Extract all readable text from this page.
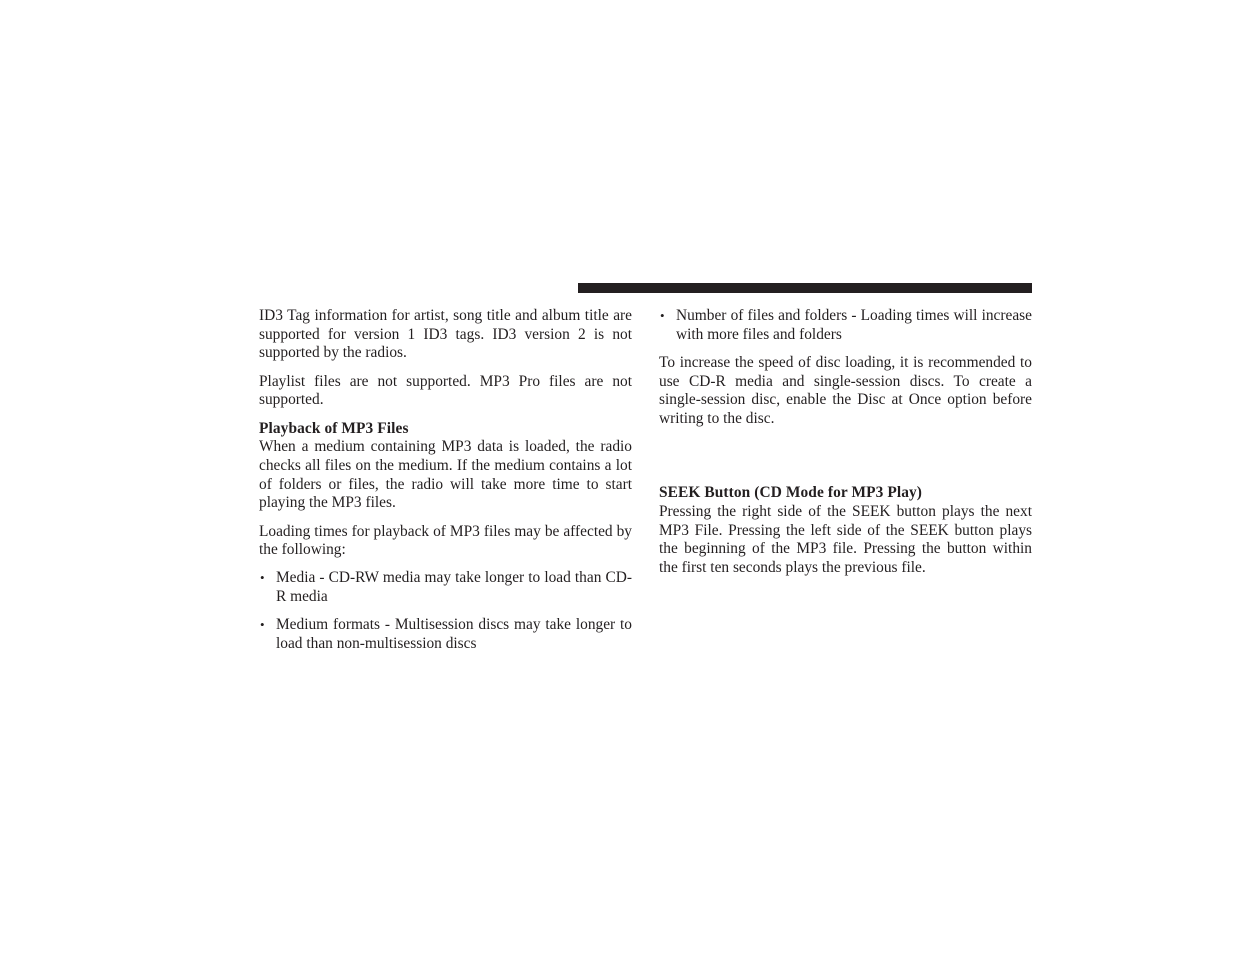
ID3 Tag information for artist, song title and album title are supported for version 1 ID3 tags. ID3 version 2 is not supported by the radios.

Playlist files are not supported. MP3 Pro files are not supported.

Playback of MP3 Files

When a medium containing MP3 data is loaded, the radio checks all files on the medium. If the medium contains a lot of folders or files, the radio will take more time to start playing the MP3 files.

Loading times for playback of MP3 files may be affected by the following:

• Media - CD-RW media may take longer to load than CD-R media
• Medium formats - Multisession discs may take longer to load than non-multisession discs
• Number of files and folders - Loading times will increase with more files and folders

To increase the speed of disc loading, it is recommended to use CD-R media and single-session discs. To create a single-session disc, enable the Disc at Once option before writing to the disc.

SEEK Button (CD Mode for MP3 Play)

Pressing the right side of the SEEK button plays the next MP3 File. Pressing the left side of the SEEK button plays the beginning of the MP3 file. Pressing the button within the first ten seconds plays the previous file.
